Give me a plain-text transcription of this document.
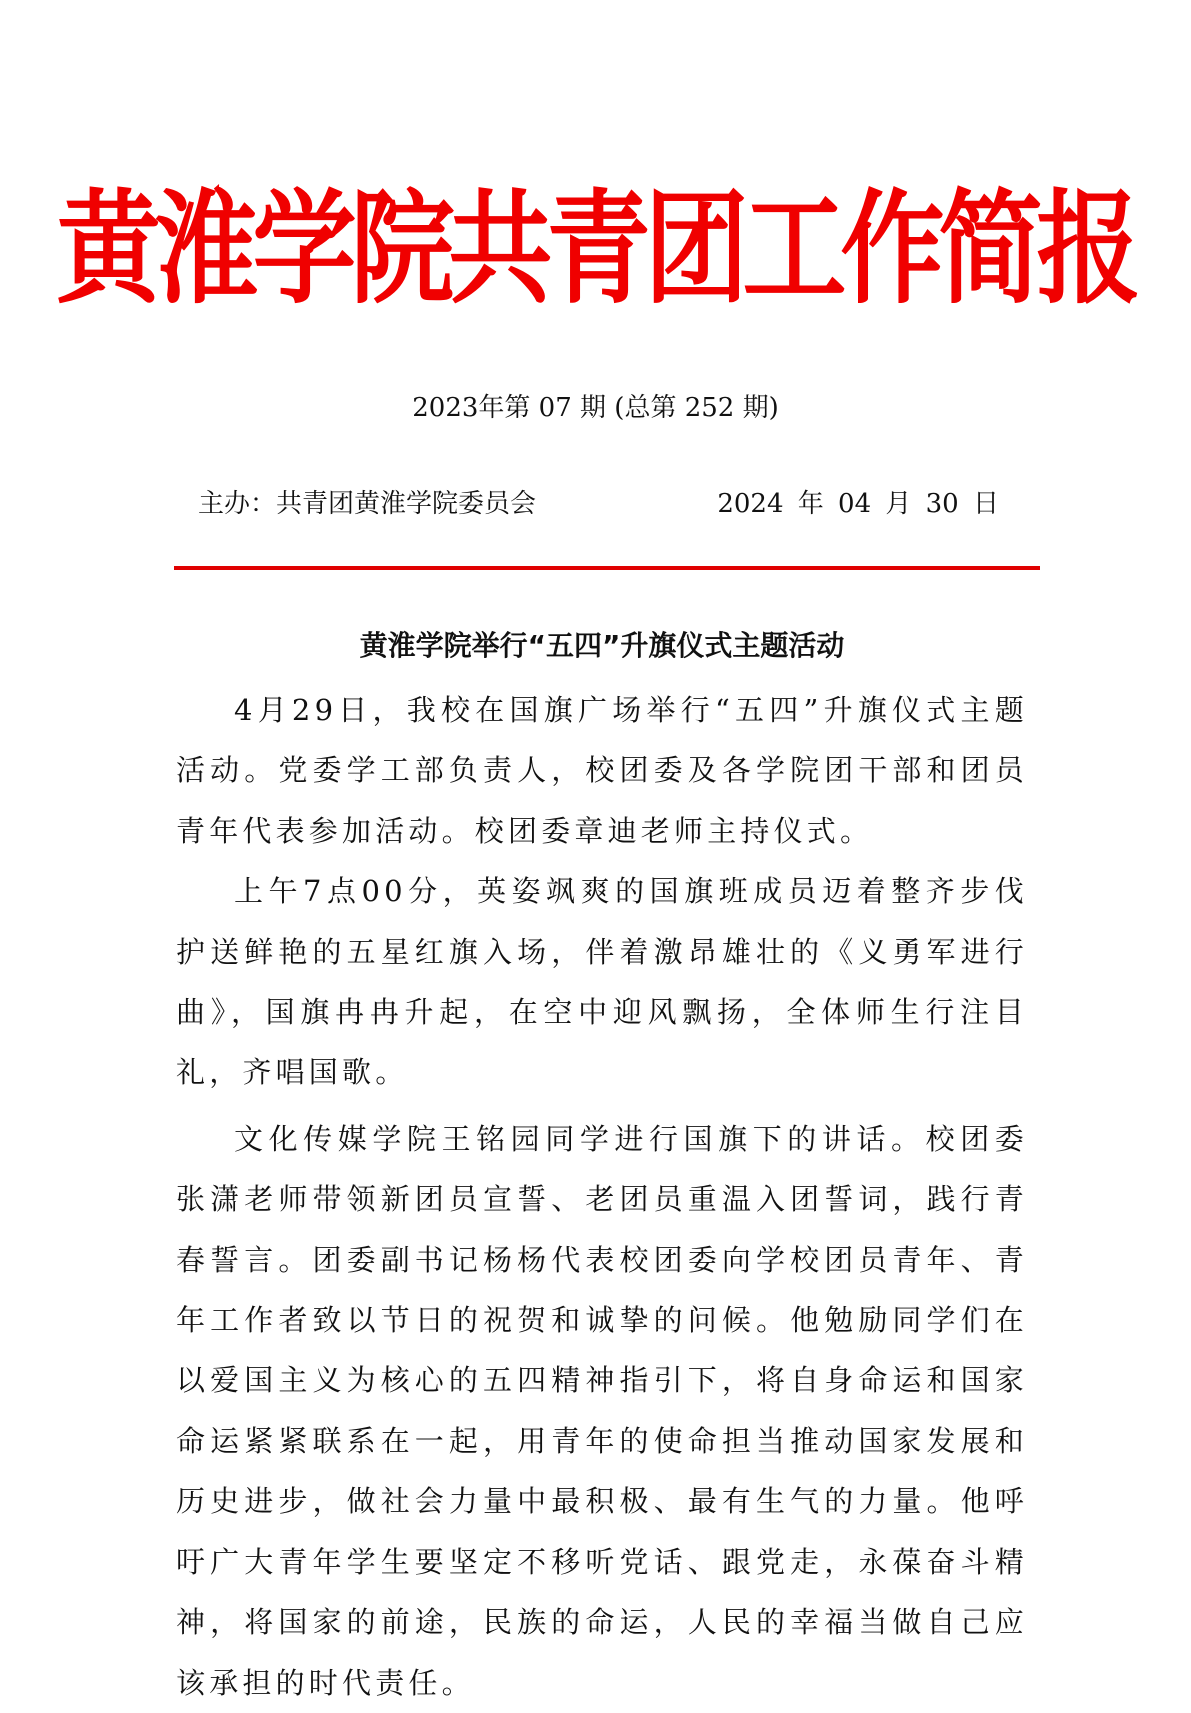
黄淮学院共青团工作简报
2023年第 07 期 (总第 252 期)
主办：共青团黄淮学院委员会	2024 年 04 月 30 日
黄淮学院举行“五四”升旗仪式主题活动

4月29日，我校在国旗广场举行“五四”升旗仪式主题活动。党委学工部负责人，校团委及各学院团干部和团员青年代表参加活动。校团委章迪老师主持仪式。

上午7点00分，英姿飒爽的国旗班成员迈着整齐步伐护送鲜艳的五星红旗入场，伴着激昂雄壮的《义勇军进行曲》，国旗冉冉升起，在空中迎风飘扬，全体师生行注目礼，齐唱国歌。

文化传媒学院王铭园同学进行国旗下的讲话。校团委张潇老师带领新团员宣誓、老团员重温入团誓词，践行青春誓言。团委副书记杨杨代表校团委向学校团员青年、青年工作者致以节日的祝贺和诚挚的问候。他勉励同学们在以爱国主义为核心的五四精神指引下，将自身命运和国家命运紧紧联系在一起，用青年的使命担当推动国家发展和历史进步，做社会力量中最积极、最有生气的力量。他呼吁广大青年学生要坚定不移听党话、跟党走，永葆奋斗精神，将国家的前途，民族的命运，人民的幸福当做自己应该承担的时代责任。
